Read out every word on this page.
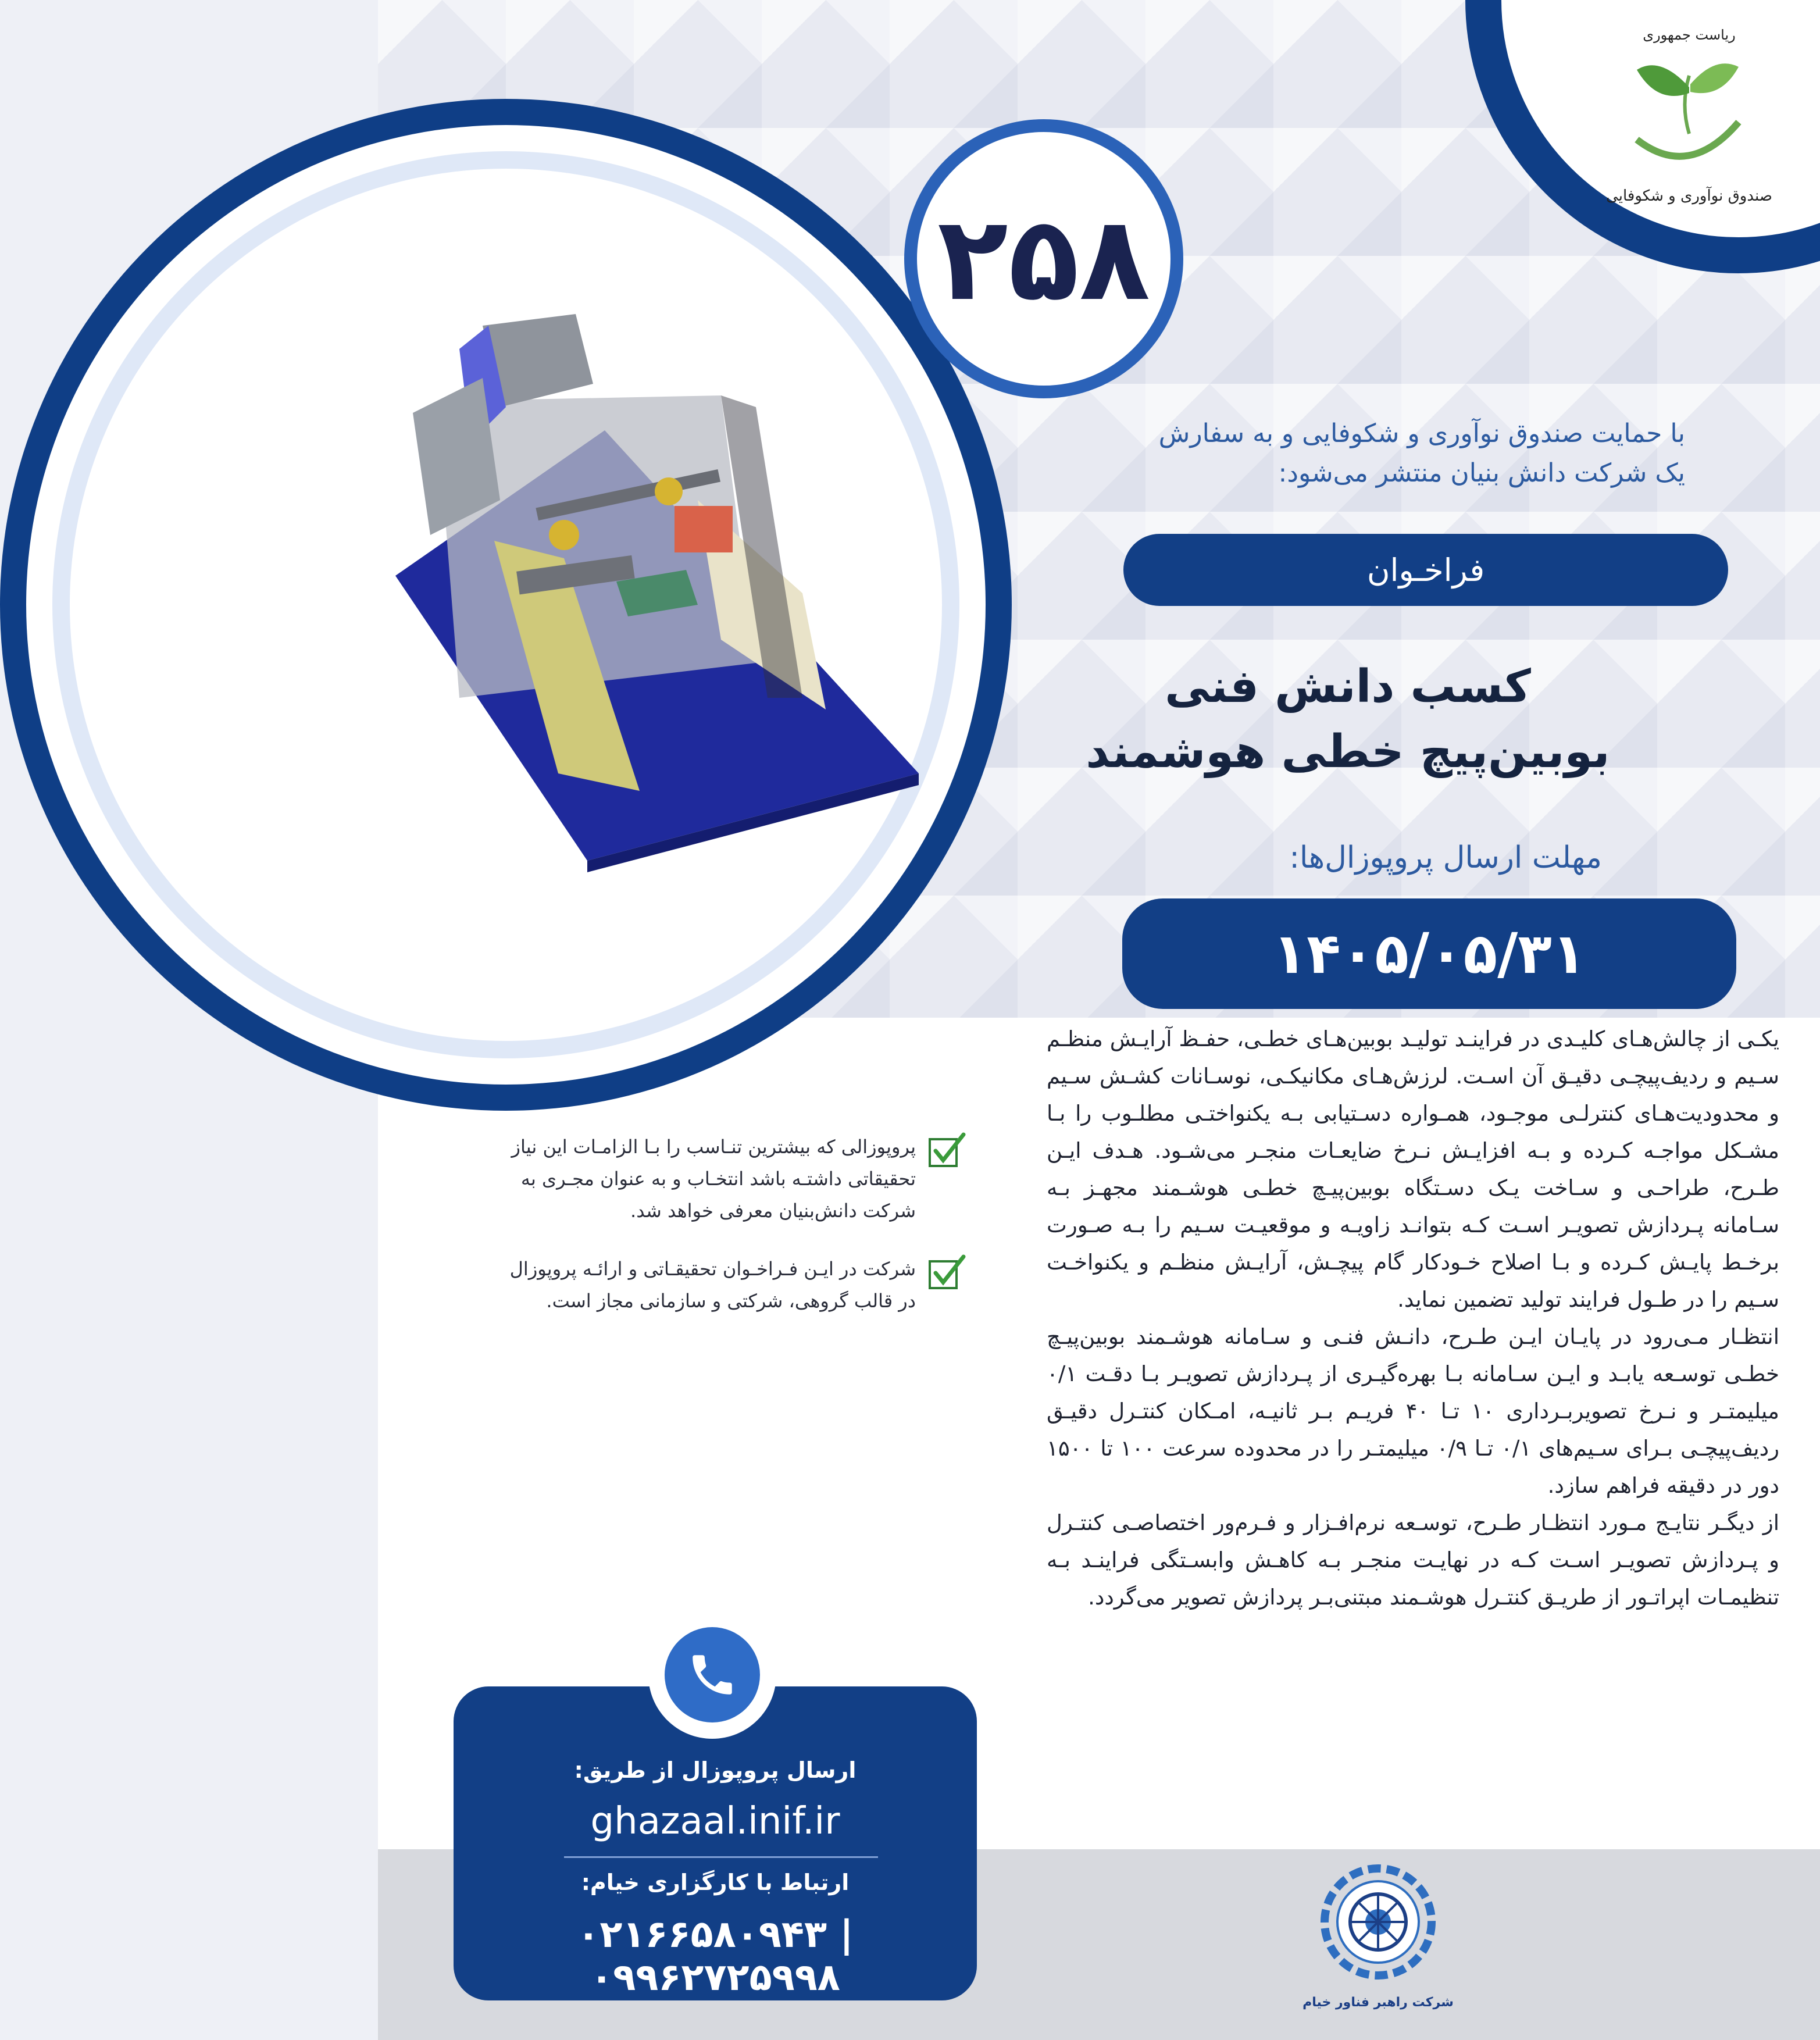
ریاست جمهوری
صندوق نوآوری و شکوفایی
۲۵۸
با حمایت صندوق نوآوری و شکوفایی و به سفارش
یک شرکت دانش بنیان منتشر می‌شود:
فراخـوان
کسب دانش فنی
بوبین‌پیچ خطی هوشمند
مهلت ارسال پروپوزال‌ها:
۱۴۰۵/۰۵/۳۱

یکـی از چالش‌هـای کلیـدی در فراینـد تولیـد بوبین‌هـای خطـی، حفـظ آرایـش منظـم سـیم و ردیف‌پیچـی دقیـق آن اسـت. لرزش‌هـای مکانیکـی، نوسـانات کشـش سـیم و محدودیت‌هـای کنترلـی موجـود، همـواره دسـتیابی بـه یکنواختـی مطلـوب را بـا مشـکل مواجـه کـرده و بـه افزایـش نـرخ ضایعـات منجـر می‌شـود. هـدف ایـن طـرح، طراحـی و سـاخت یـک دسـتگاه بوبین‌پیـچ خطـی هوشـمند مجهـز بـه سـامانه پـردازش تصویـر اسـت کـه بتوانـد زاویـه و موقعیـت سـیم را بـه صـورت برخـط پایـش کـرده و بـا اصلاح خـودکار گام پیچـش، آرایـش منظـم و یکنواخـت سـیم را در طـول فرایند تولید تضمین نماید.

انتظـار مـی‌رود در پایـان ایـن طـرح، دانـش فنـی و سـامانه هوشـمند بوبین‌پیـچ خطـی توسـعه یابـد و ایـن سـامانه بـا بهره‌گیـری از پـردازش تصویـر بـا دقـت ۰/۱ میلیمتـر و نـرخ تصویربـرداری ۱۰ تـا ۴۰ فریـم بـر ثانیـه، امـکان کنتـرل دقیـق ردیف‌پیچـی بـرای سـیم‌های ۰/۱ تـا ۰/۹ میلیمتـر را در محدوده سرعت ۱۰۰ تا ۱۵۰۰ دور در دقیقه فراهم سازد.

از دیگـر نتایـج مـورد انتظـار طـرح، توسـعه نرم‌افـزار و فـرم‌ور اختصاصـی کنتـرل و پـردازش تصویـر اسـت کـه در نهایـت منجـر بـه کاهـش وابسـتگی فراینـد بـه تنظیمـات اپراتـور از طریـق کنتـرل هوشـمند مبتنی‌بـر پردازش تصویر می‌گردد.

پروپوزالی که بیشترین تنـاسب را بـا الزامـات این نیاز تحقیقاتی داشتـه باشد انتخـاب و به عنوان مجـری به شرکت دانش‌بنیان معرفی خواهد شد.
شرکت در ایـن فـراخـوان تحقیقـاتی و ارائـه پروپوزال در قالب گروهی، شرکتی و سازمانی مجاز است.
ارسال پروپوزال از طریق:
ghazaal.inif.ir
ارتباط با کارگزاری خیام:
۰۲۱۶۶۵۸۰۹۴۳ | ۰۹۹۶۲۷۲۵۹۹۸
شرکت راهبر فناور خیام
